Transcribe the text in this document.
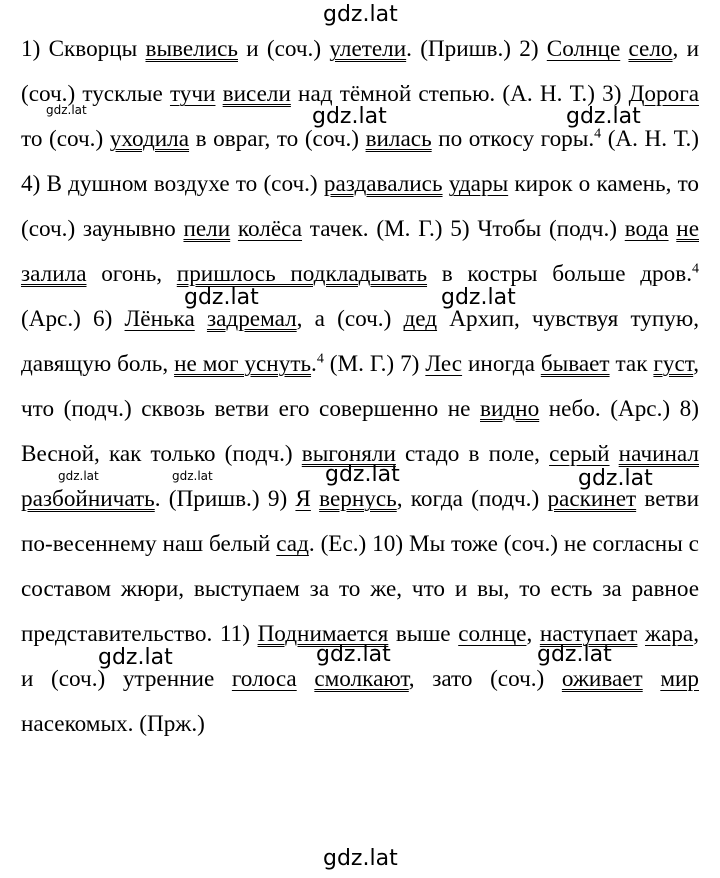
1) Скворцы вывелись и (соч.) улетели. (Пришв.) 2) Солнце село, и (соч.) тусклые тучи висели над тёмной степью. (А. Н. Т.) 3) Дорога то (соч.) уходила в овраг, то (соч.) вилась по откосу горы.$^4$ (А. Н. Т.) 4) В душном воздухе то (соч.) раздавались удары кирок о камень, то (соч.) заунывно пели колёса тачек. (М. Г.) 5) Чтобы (подч.) вода не залила огонь, пришлось подкладывать в костры больше дров.$^4$ (Арс.) 6) Лёнька задремал, а (соч.) дед Архип, чувствуя тупую, давящую боль, не мог уснуть.$^4$ (М. Г.) 7) Лес иногда бывает так густ, что (подч.) сквозь ветви его совершенно не видно небо. (Арс.) 8) Весной, как только (подч.) выгоняли стадо в поле, серый начинал разбойничать. (Пришв.) 9) Я вернусь, когда (подч.) раскинет ветви по-весеннему наш белый сад. (Ес.) 10) Мы тоже (соч.) не согласны с составом жюри, выступаем за то же, что и вы, то есть за равное представительство. 11) Поднимается выше солнце, наступает жара, и (соч.) утренние голоса смолкают, зато (соч.) оживает мир насекомых. (Прж.)

gdz.lat
gdz.lat	gdz.lat	gdz.lat
gdz.lat	gdz.lat
gdz.lat	gdz.lat	gdz.lat	gdz.lat
gdz.lat	gdz.lat	gdz.lat
gdz.lat
